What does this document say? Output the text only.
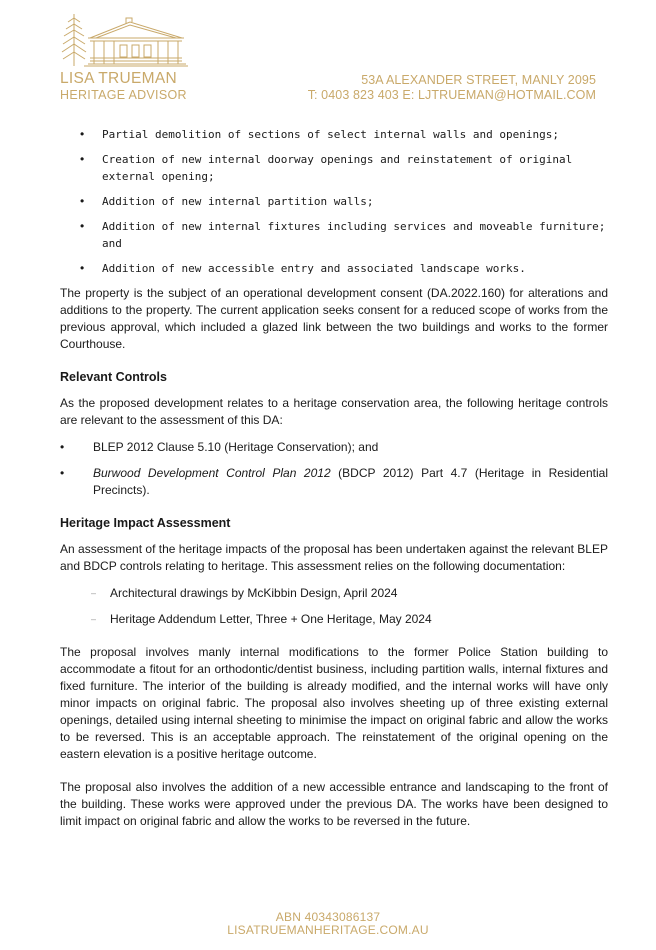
LISA TRUEMAN
HERITAGE ADVISOR
53A ALEXANDER STREET, MANLY 2095
T: 0403 823 403 E: LJTRUEMAN@HOTMAIL.COM
• Partial demolition of sections of select internal walls and openings;
• Creation of new internal doorway openings and reinstatement of original external opening;
• Addition of new internal partition walls;
• Addition of new internal fixtures including services and moveable furniture; and
• Addition of new accessible entry and associated landscape works.

The property is the subject of an operational development consent (DA.2022.160) for alterations and additions to the property. The current application seeks consent for a reduced scope of works from the previous approval, which included a glazed link between the two buildings and works to the former Courthouse.

Relevant Controls

As the proposed development relates to a heritage conservation area, the following heritage controls are relevant to the assessment of this DA:

• BLEP 2012 Clause 5.10 (Heritage Conservation); and
• Burwood Development Control Plan 2012 (BDCP 2012) Part 4.7 (Heritage in Residential Precincts).
Heritage Impact Assessment

An assessment of the heritage impacts of the proposal has been undertaken against the relevant BLEP and BDCP controls relating to heritage. This assessment relies on the following documentation:

– Architectural drawings by McKibbin Design, April 2024
– Heritage Addendum Letter, Three + One Heritage, May 2024

The proposal involves manly internal modifications to the former Police Station building to accommodate a fitout for an orthodontic/dentist business, including partition walls, internal fixtures and fixed furniture. The interior of the building is already modified, and the internal works will have only minor impacts on original fabric. The proposal also involves sheeting up of three existing external openings, detailed using internal sheeting to minimise the impact on original fabric and allow the works to be reversed. This is an acceptable approach. The reinstatement of the original opening on the eastern elevation is a positive heritage outcome.

The proposal also involves the addition of a new accessible entrance and landscaping to the front of the building. These works were approved under the previous DA. The works have been designed to limit impact on original fabric and allow the works to be reversed in the future.

ABN 40343086137
LISATRUEMANHERITAGE.COM.AU
